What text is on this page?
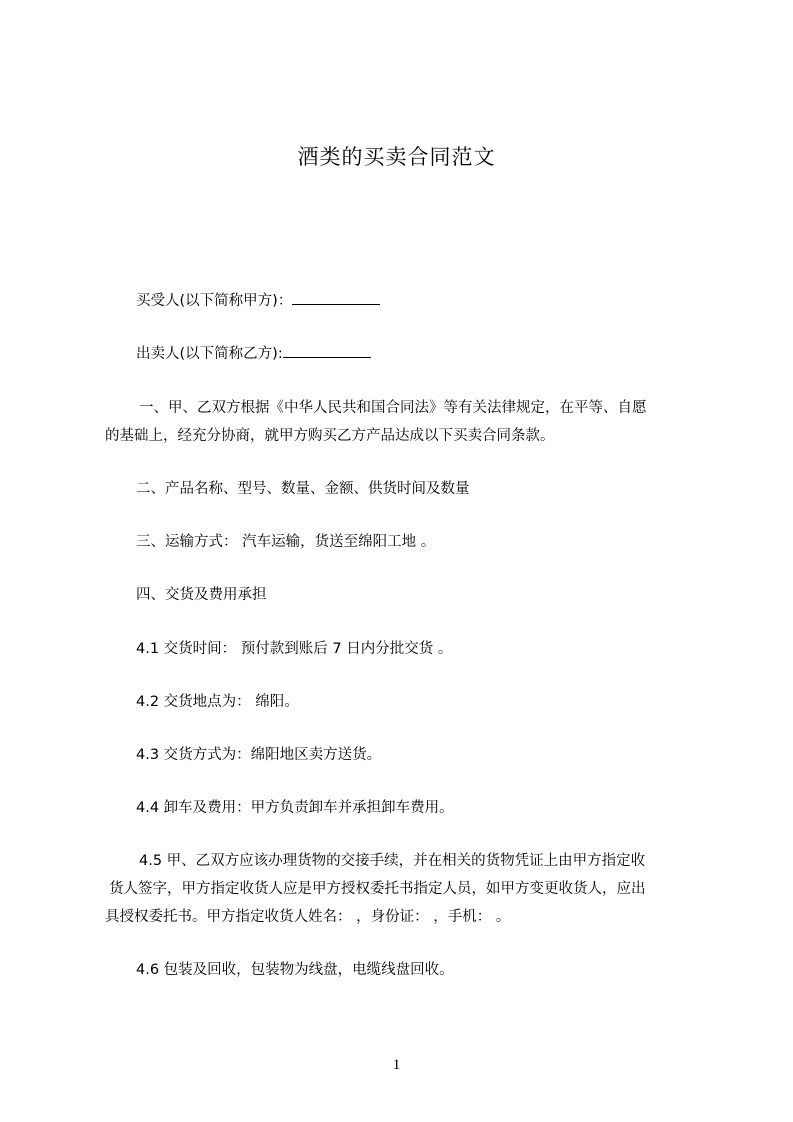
酒类的买卖合同范文
买受人(以下简称甲方)：
出卖人(以下简称乙方):
一、甲、乙双方根据《中华人民共和国合同法》等有关法律规定，在平等、自愿
的基础上，经充分协商，就甲方购买乙方产品达成以下买卖合同条款。
二、产品名称、型号、数量、金额、供货时间及数量
三、运输方式： 汽车运输，货送至绵阳工地 。
四、交货及费用承担
4.1 交货时间： 预付款到账后 7 日内分批交货 。
4.2 交货地点为： 绵阳。
4.3 交货方式为：绵阳地区卖方送货。
4.4 卸车及费用：甲方负责卸车并承担卸车费用。
4.5 甲、乙双方应该办理货物的交接手续，并在相关的货物凭证上由甲方指定收
货人签字，甲方指定收货人应是甲方授权委托书指定人员，如甲方变更收货人，应出
具授权委托书。甲方指定收货人姓名： ，身份证： ，手机： 。
4.6 包装及回收，包装物为线盘，电缆线盘回收。
1
